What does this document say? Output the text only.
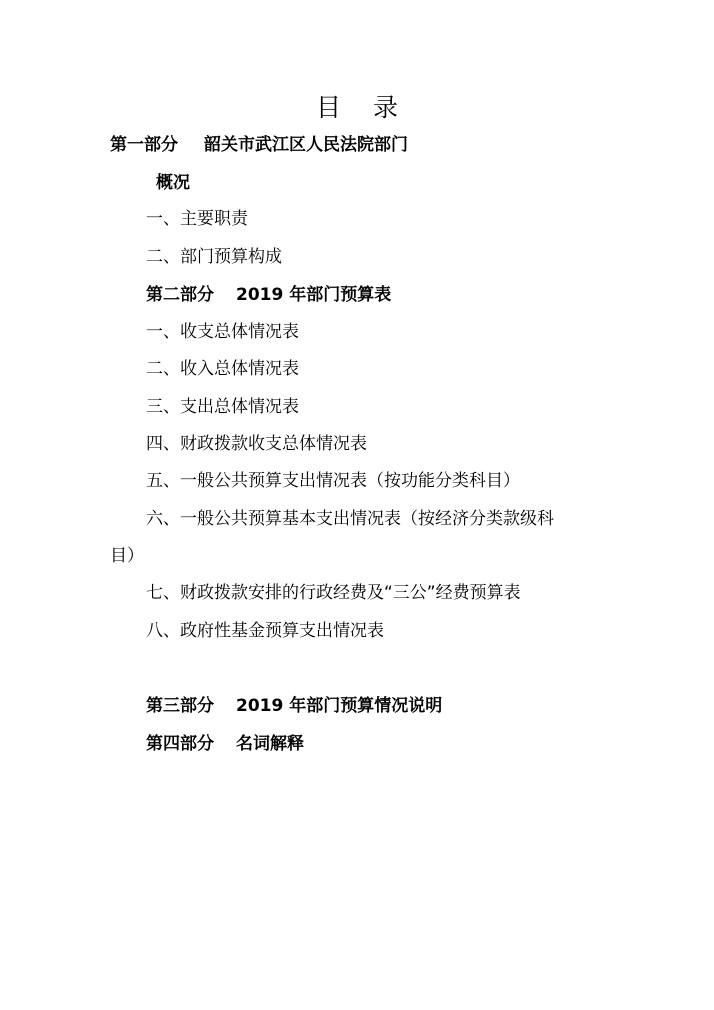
目 录
第一部分 韶关市武江区人民法院部门
概况
一、主要职责
二、部门预算构成
第二部分 2019 年部门预算表
一、收支总体情况表
二、收入总体情况表
三、支出总体情况表
四、财政拨款收支总体情况表
五、一般公共预算支出情况表（按功能分类科目）
六、一般公共预算基本支出情况表（按经济分类款级科
目）
七、财政拨款安排的行政经费及“三公”经费预算表
八、政府性基金预算支出情况表
第三部分 2019 年部门预算情况说明
第四部分 名词解释
